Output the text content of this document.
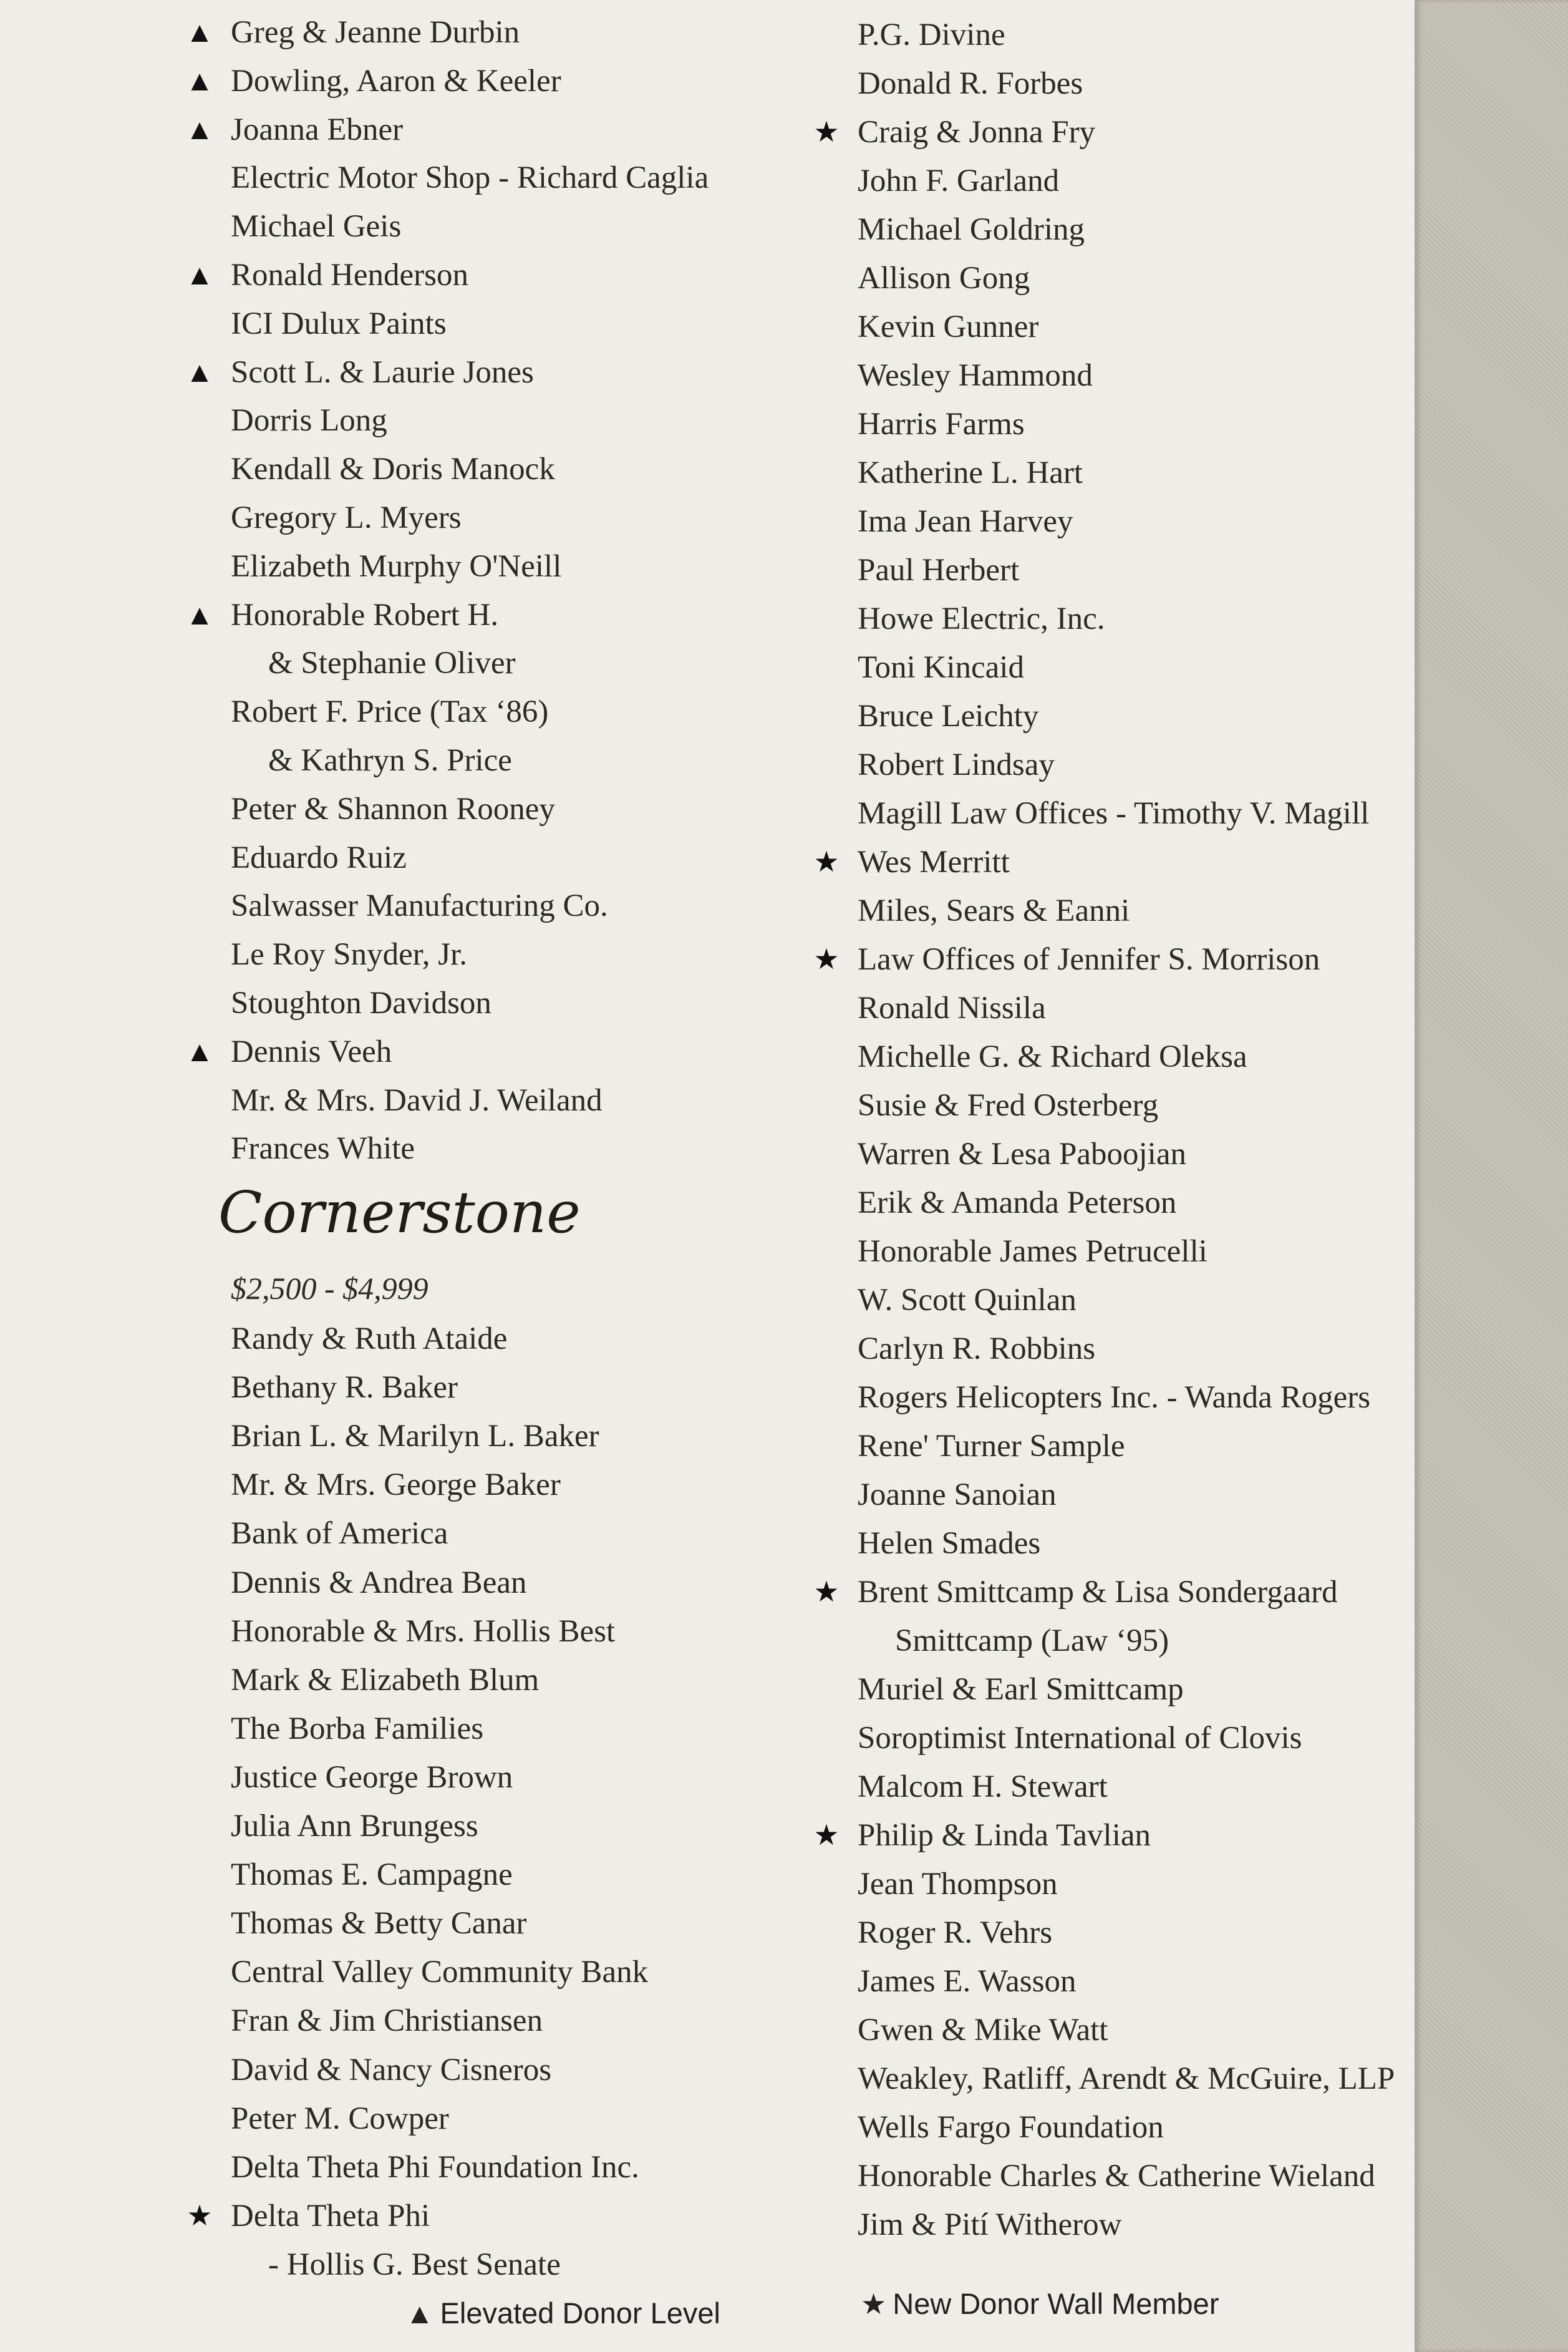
Cornerstone
$2,500 - $4,999
▲ Greg & Jeanne Durbin
▲ Dowling, Aaron & Keeler
▲ Joanna Ebner
Electric Motor Shop - Richard Caglia
Michael Geis
▲ Ronald Henderson
ICI Dulux Paints
▲ Scott L. & Laurie Jones
Dorris Long
Kendall & Doris Manock
Gregory L. Myers
Elizabeth Murphy O'Neill
▲ Honorable Robert H.
& Stephanie Oliver
Robert F. Price (Tax ‘86)
& Kathryn S. Price
Peter & Shannon Rooney
Eduardo Ruiz
Salwasser Manufacturing Co.
Le Roy Snyder, Jr.
Stoughton Davidson
▲ Dennis Veeh
Mr. & Mrs. David J. Weiland
Frances White
Randy & Ruth Ataide
Bethany R. Baker
Brian L. & Marilyn L. Baker
Mr. & Mrs. George Baker
Bank of America
Dennis & Andrea Bean
Honorable & Mrs. Hollis Best
Mark & Elizabeth Blum
The Borba Families
Justice George Brown
Julia Ann Brungess
Thomas E. Campagne
Thomas & Betty Canar
Central Valley Community Bank
Fran & Jim Christiansen
David & Nancy Cisneros
Peter M. Cowper
Delta Theta Phi Foundation Inc.
★ Delta Theta Phi
- Hollis G. Best Senate
P.G. Divine
Donald R. Forbes
★ Craig & Jonna Fry
John F. Garland
Michael Goldring
Allison Gong
Kevin Gunner
Wesley Hammond
Harris Farms
Katherine L. Hart
Ima Jean Harvey
Paul Herbert
Howe Electric, Inc.
Toni Kincaid
Bruce Leichty
Robert Lindsay
Magill Law Offices - Timothy V. Magill
★ Wes Merritt
Miles, Sears & Eanni
★ Law Offices of Jennifer S. Morrison
Ronald Nissila
Michelle G. & Richard Oleksa
Susie & Fred Osterberg
Warren & Lesa Paboojian
Erik & Amanda Peterson
Honorable James Petrucelli
W. Scott Quinlan
Carlyn R. Robbins
Rogers Helicopters Inc. - Wanda Rogers
Rene' Turner Sample
Joanne Sanoian
Helen Smades
★ Brent Smittcamp & Lisa Sondergaard
Smittcamp (Law ‘95)
Muriel & Earl Smittcamp
Soroptimist International of Clovis
Malcom H. Stewart
★ Philip & Linda Tavlian
Jean Thompson
Roger R. Vehrs
James E. Wasson
Gwen & Mike Watt
Weakley, Ratliff, Arendt & McGuire, LLP
Wells Fargo Foundation
Honorable Charles & Catherine Wieland
Jim & Pití Witherow
▲ Elevated Donor Level	★ New Donor Wall Member
